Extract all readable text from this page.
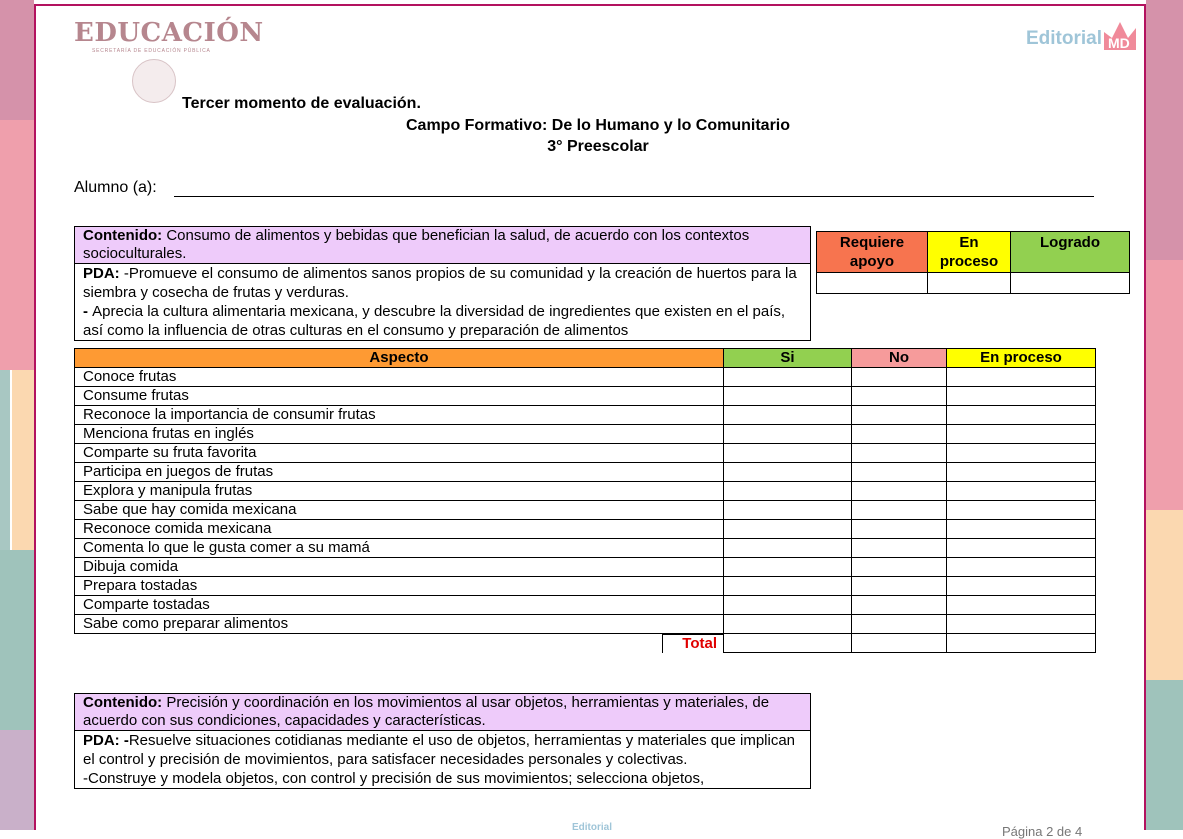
EDUCACIÓN
SECRETARÍA DE EDUCACIÓN PÚBLICA
Editorial MD
Tercer momento de evaluación.
Campo Formativo: De lo Humano y lo Comunitario
3° Preescolar
Alumno (a):
Contenido: Consumo de alimentos y bebidas que benefician la salud, de acuerdo con los contextos socioculturales.
PDA: -Promueve el consumo de alimentos sanos propios de su comunidad y la creación de huertos para la siembra y cosecha de frutas y verduras.
- Aprecia la cultura alimentaria mexicana, y descubre la diversidad de ingredientes que existen en el país, así como la influencia de otras culturas en el consumo y preparación de alimentos
Requiere apoyo	En proceso	Logrado

Aspecto	Si	No	En proceso
Conoce frutas			
Consume frutas			
Reconoce la importancia de consumir frutas			
Menciona frutas en inglés			
Comparte su fruta favorita			
Participa en juegos de frutas			
Explora y manipula frutas			
Sabe que hay comida mexicana			
Reconoce comida mexicana			
Comenta lo que le gusta comer a su mamá			
Dibuja comida			
Prepara tostadas			
Comparte tostadas			
Sabe como preparar alimentos			

Total			

Contenido: Precisión y coordinación en los movimientos al usar objetos, herramientas y materiales, de acuerdo con sus condiciones, capacidades y características.
PDA: -Resuelve situaciones cotidianas mediante el uso de objetos, herramientas y materiales que implican el control y precisión de movimientos, para satisfacer necesidades personales y colectivas.
-Construye y modela objetos, con control y precisión de sus movimientos; selecciona objetos,
Editorial	Página 2 de 4
